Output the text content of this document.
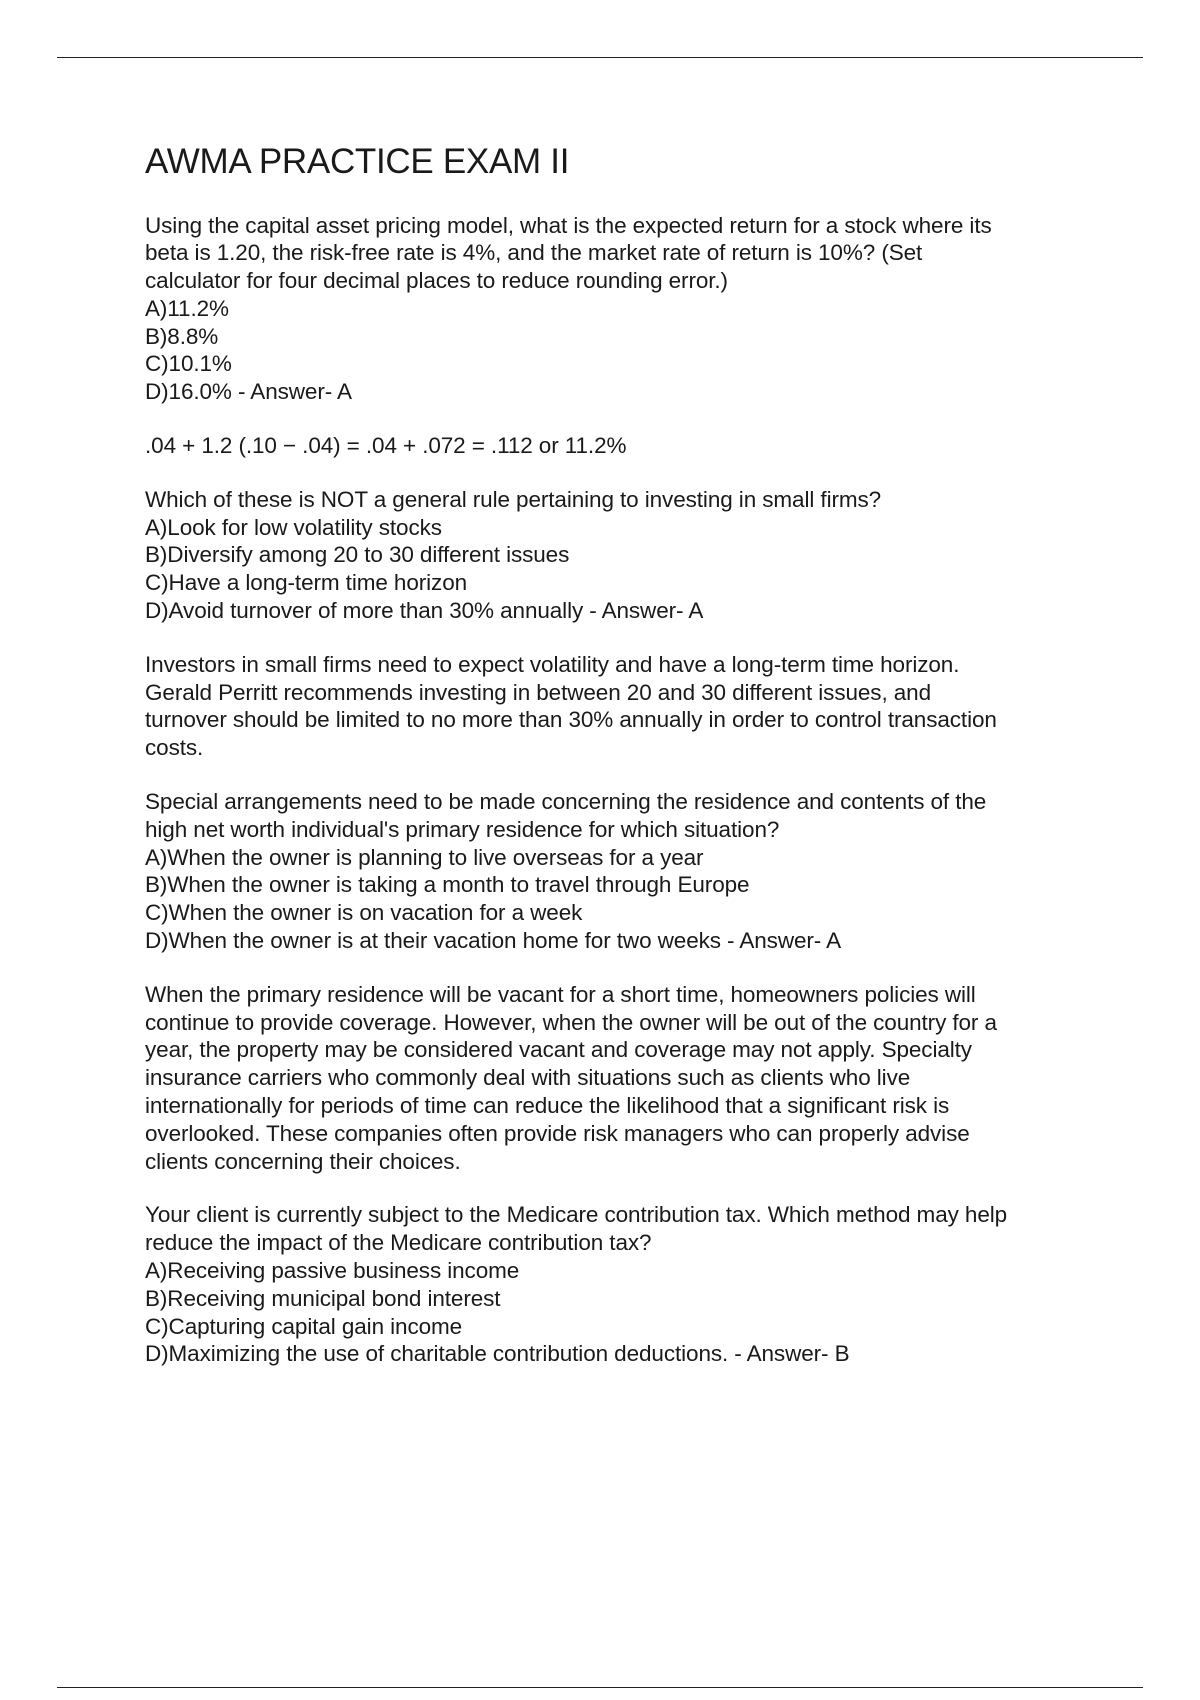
AWMA PRACTICE EXAM II
Using the capital asset pricing model, what is the expected return for a stock where its
beta is 1.20, the risk-free rate is 4%, and the market rate of return is 10%? (Set
calculator for four decimal places to reduce rounding error.)
A)11.2%
B)8.8%
C)10.1%
D)16.0% - Answer- A
.04 + 1.2 (.10 − .04) = .04 + .072 = .112 or 11.2%
Which of these is NOT a general rule pertaining to investing in small firms?
A)Look for low volatility stocks
B)Diversify among 20 to 30 different issues
C)Have a long-term time horizon
D)Avoid turnover of more than 30% annually - Answer- A
Investors in small firms need to expect volatility and have a long-term time horizon.
Gerald Perritt recommends investing in between 20 and 30 different issues, and
turnover should be limited to no more than 30% annually in order to control transaction
costs.
Special arrangements need to be made concerning the residence and contents of the
high net worth individual's primary residence for which situation?
A)When the owner is planning to live overseas for a year
B)When the owner is taking a month to travel through Europe
C)When the owner is on vacation for a week
D)When the owner is at their vacation home for two weeks - Answer- A
When the primary residence will be vacant for a short time, homeowners policies will
continue to provide coverage. However, when the owner will be out of the country for a
year, the property may be considered vacant and coverage may not apply. Specialty
insurance carriers who commonly deal with situations such as clients who live
internationally for periods of time can reduce the likelihood that a significant risk is
overlooked. These companies often provide risk managers who can properly advise
clients concerning their choices.
Your client is currently subject to the Medicare contribution tax. Which method may help
reduce the impact of the Medicare contribution tax?
A)Receiving passive business income
B)Receiving municipal bond interest
C)Capturing capital gain income
D)Maximizing the use of charitable contribution deductions. - Answer- B
